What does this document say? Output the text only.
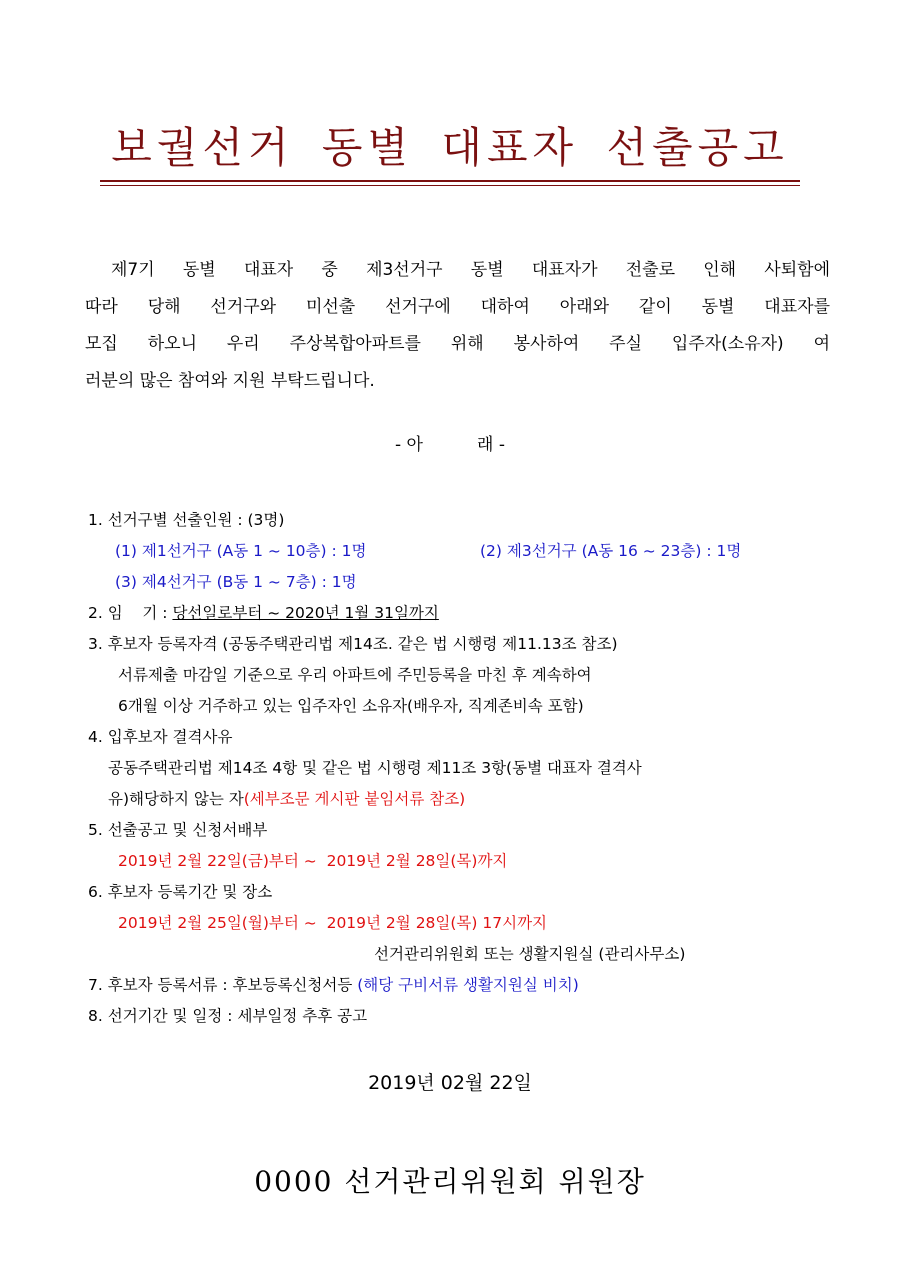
보궐선거 동별 대표자 선출공고
제7기 동별 대표자 중 제3선거구 동별 대표자가 전출로 인해 사퇴함에
따라 당해 선거구와 미선출 선거구에 대하여 아래와 같이 동별 대표자를
모집 하오니 우리 주상복합아파트를 위해 봉사하여 주실 입주자(소유자) 여
러분의 많은 참여와 지원 부탁드립니다.
- 아          래 -
1. 선거구별 선출인원 : (3명)
(1) 제1선거구 (A동 1 ~ 10층) : 1명	(2) 제3선거구 (A동 16 ~ 23층) : 1명
(3) 제4선거구 (B동 1 ~ 7층) : 1명
2. 임    기 : 당선일로부터 ~ 2020년 1월 31일까지
3. 후보자 등록자격 (공동주택관리법 제14조. 같은 법 시행령 제11.13조 참조)
서류제출 마감일 기준으로 우리 아파트에 주민등록을 마친 후 계속하여
6개월 이상 거주하고 있는 입주자인 소유자(배우자, 직계존비속 포함)
4. 입후보자 결격사유
공동주택관리법 제14조 4항 및 같은 법 시행령 제11조 3항(동별 대표자 결격사
유)해당하지 않는 자(세부조문 게시판 붙임서류 참조)
5. 선출공고 및 신청서배부
2019년 2월 22일(금)부터 ~  2019년 2월 28일(목)까지
6. 후보자 등록기간 및 장소
2019년 2월 25일(월)부터 ~  2019년 2월 28일(목) 17시까지
선거관리위원회 또는 생활지원실 (관리사무소)
7. 후보자 등록서류 : 후보등록신청서등 (해당 구비서류 생활지원실 비치)
8. 선거기간 및 일정 : 세부일정 추후 공고
2019년 02월 22일
0000 선거관리위원회 위원장
